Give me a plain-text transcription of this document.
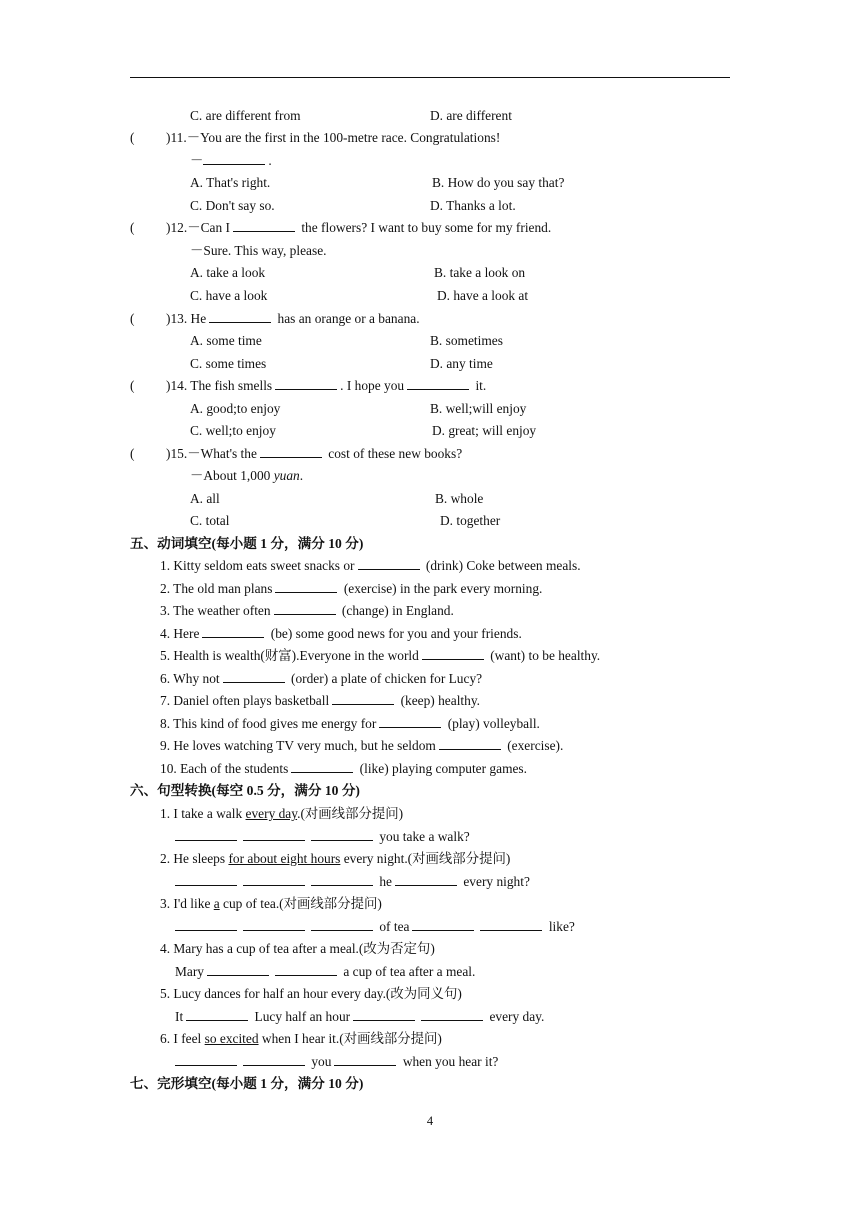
C. are different from	D. are different
( )11.－You are the first in the 100-metre race. Congratulations!
－	.
A. That's right.	B. How do you say that?
C. Don't say so.	D. Thanks a lot.
( )12.－Can I	the flowers? I want to buy some for my friend.
－Sure. This way, please.
A. take a look	B. take a look on
C. have a look	D. have a look at
( )13. He	has an orange or a banana.
A. some time	B. sometimes
C. some times	D. any time
( )14. The fish smells	. I hope you	it.
A. good;to enjoy	B. well;will enjoy
C. well;to enjoy	D. great; will enjoy
( )15.－What's the	cost of these new books?
－About 1,000 yuan.
A. all	B. whole
C. total	D. together
五、动词填空(每小题 1 分，满分 10 分)
1. Kitty seldom eats sweet snacks or	(drink) Coke between meals.
2. The old man plans	(exercise) in the park every morning.
3. The weather often	(change) in England.
4. Here	(be) some good news for you and your friends.
5. Health is wealth(财富).Everyone in the world	(want) to be healthy.
6. Why not	(order) a plate of chicken for Lucy?
7. Daniel often plays basketball	(keep) healthy.
8. This kind of food gives me energy for	(play) volleyball.
9. He loves watching TV very much, but he seldom	(exercise).
10. Each of the students	(like) playing computer games.
六、句型转换(每空 0.5 分，满分 10 分)
1. I take a walk every day.(对画线部分提问)
you take a walk?
2. He sleeps for about eight hours every night.(对画线部分提问)
he	every night?
3. I'd like a cup of tea.(对画线部分提问)
of tea	like?
4. Mary has a cup of tea after a meal.(改为否定句)
Mary	a cup of tea after a meal.
5. Lucy dances for half an hour every day.(改为同义句)
It	Lucy half an hour	every day.
6. I feel so excited when I hear it.(对画线部分提问)
you	when you hear it?
七、完形填空(每小题 1 分，满分 10 分)
4
